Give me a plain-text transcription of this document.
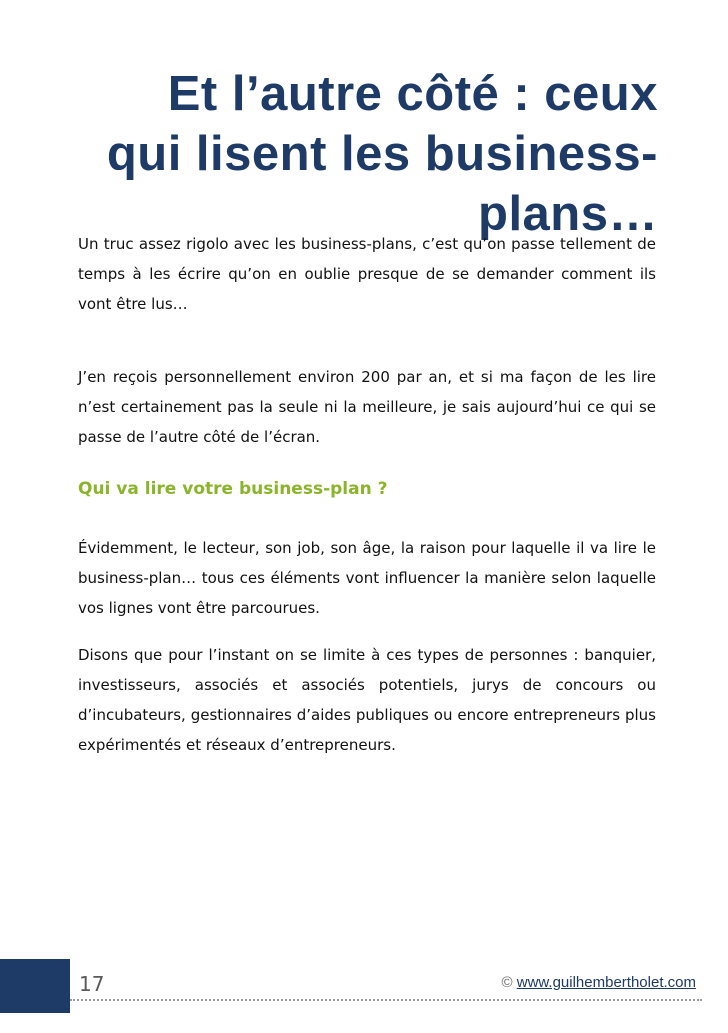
Et l’autre côté : ceux
qui lisent les business-
plans…

Un truc assez rigolo avec les business-plans, c’est qu’on passe tellement de temps à les écrire qu’on en oublie presque de se demander comment ils vont être lus…

J’en reçois personnellement environ 200 par an, et si ma façon de les lire n’est certainement pas la seule ni la meilleure, je sais aujourd’hui ce qui se passe de l’autre côté de l’écran.

Qui va lire votre business-plan ?

Évidemment, le lecteur, son job, son âge, la raison pour laquelle il va lire le business-plan… tous ces éléments vont influencer la manière selon laquelle vos lignes vont être parcourues.

Disons que pour l’instant on se limite à ces types de personnes : banquier, investisseurs, associés et associés potentiels, jurys de concours ou d’incubateurs, gestionnaires d’aides publiques ou encore entrepreneurs plus expérimentés et réseaux d’entrepreneurs.

17	© www.guilhembertholet.com
